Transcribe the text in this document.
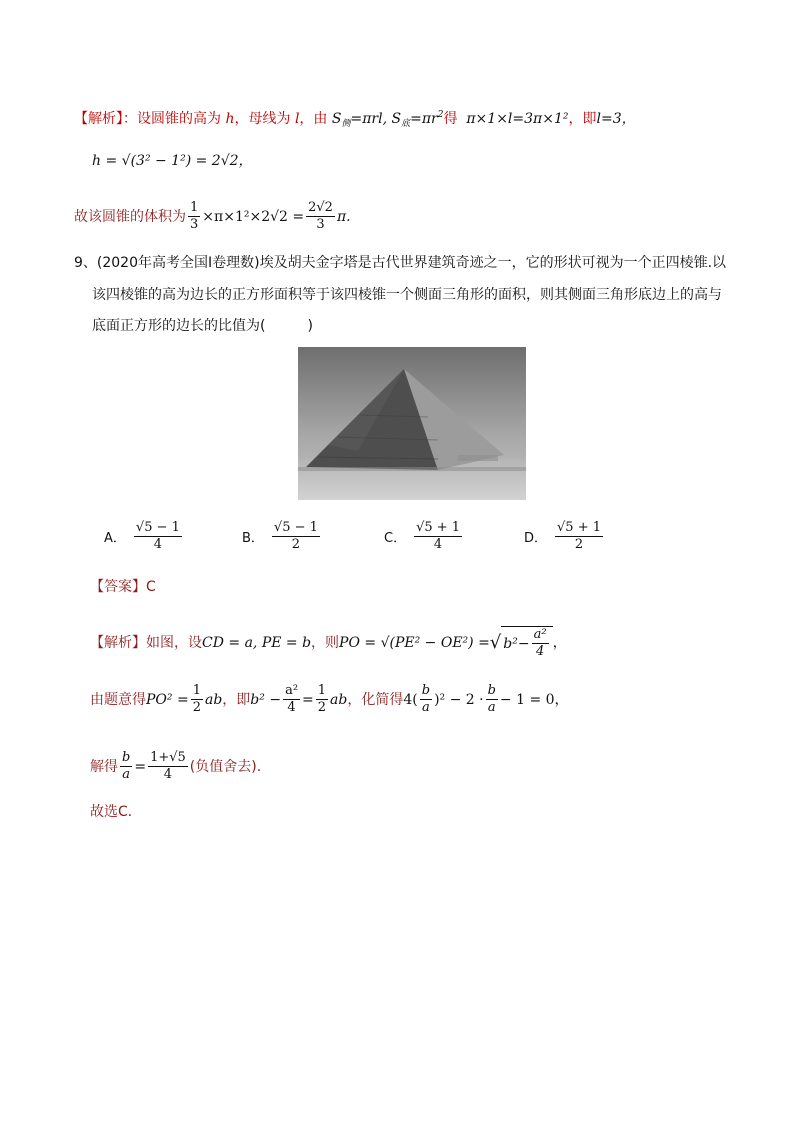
【解析】：设圆锥的高为 h，母线为 l，由 $S_侧=\pi rl$, $S_底=\pi r^2$得 π×1×l=3π×1²，即l=3，
h = √(3² − 1²) = 2√2，
故该圆锥的体积为 $\frac{1}{3} \times\pi\times 1^2\times 2√2 = \frac{2√2}{3} \pi$.
9、(2020年高考全国Ⅰ卷理数)埃及胡夫金字塔是古代世界建筑奇迹之一，它的形状可视为一个正四棱锥.以
该四棱锥的高为边长的正方形面积等于该四棱锥一个侧面三角形的面积，则其侧面三角形底边上的高与
底面正方形的边长的比值为(　　　)
A． $\frac{√5 - 1}{4}$	B． $\frac{√5 - 1}{2}$	C． $\frac{√5 + 1}{4}$	D． $\frac{√5 + 1}{2}$
【答案】C
【解析】 如图，设 CD = a, PE = b ，则 PO = √(PE² − OE²) = √ $b^2- \frac{\text{a²}}{4}$ ，
由题意得 $PO^2 = \frac{1}{2}$ ab ，即 $b^2 - \frac{\text{a²}}{4} = \frac{1}{2}$ ab ，化简得 $4( \frac{b}{a} )^2 - 2 \cdot \frac{b}{a} - 1 = 0$，
解得 $\frac{b}{a} = \frac{1+√5}{4}$ (负值舍去).
故选C．
